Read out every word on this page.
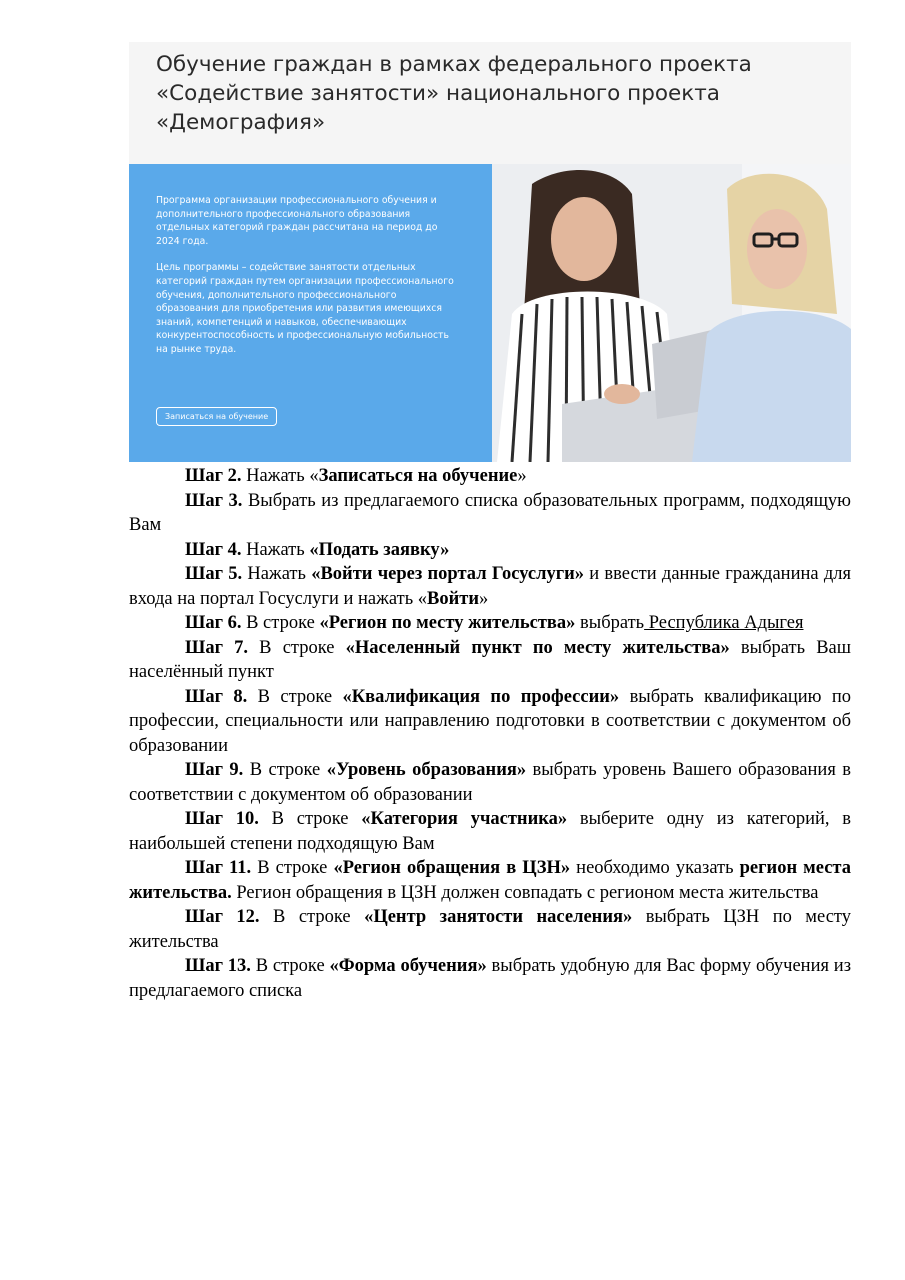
Обучение граждан в рамках федерального проекта «Содействие занятости» национального проекта «Демография»

Программа организации профессионального обучения и дополнительного профессионального образования отдельных категорий граждан рассчитана на период до 2024 года.

Цель программы – содействие занятости отдельных категорий граждан путем организации профессионального обучения, дополнительного профессионального образования для приобретения или развития имеющихся знаний, компетенций и навыков, обеспечивающих конкурентоспособность и профессиональную мобильность на рынке труда.

Записаться на обучение

Шаг 2. Нажать «Записаться на обучение»

Шаг 3. Выбрать из предлагаемого списка образовательных программ, подходящую Вам

Шаг 4. Нажать «Подать заявку»

Шаг 5. Нажать «Войти через портал Госуслуги» и ввести данные гражданина для входа на портал Госуслуги и нажать «Войти»

Шаг 6. В строке «Регион по месту жительства» выбрать Республика Адыгея

Шаг 7. В строке «Населенный пункт по месту жительства» выбрать Ваш населённый пункт

Шаг 8. В строке «Квалификация по профессии» выбрать квалификацию по профессии, специальности или направлению подготовки в соответствии с документом об образовании

Шаг 9. В строке «Уровень образования» выбрать уровень Вашего образования в соответствии с документом об образовании

Шаг 10. В строке «Категория участника» выберите одну из категорий, в наибольшей степени подходящую Вам

Шаг 11. В строке «Регион обращения в ЦЗН» необходимо указать регион места жительства. Регион обращения в ЦЗН должен совпадать с регионом места жительства

Шаг 12. В строке «Центр занятости населения» выбрать ЦЗН по месту жительства

Шаг 13. В строке «Форма обучения» выбрать удобную для Вас форму обучения из предлагаемого списка
